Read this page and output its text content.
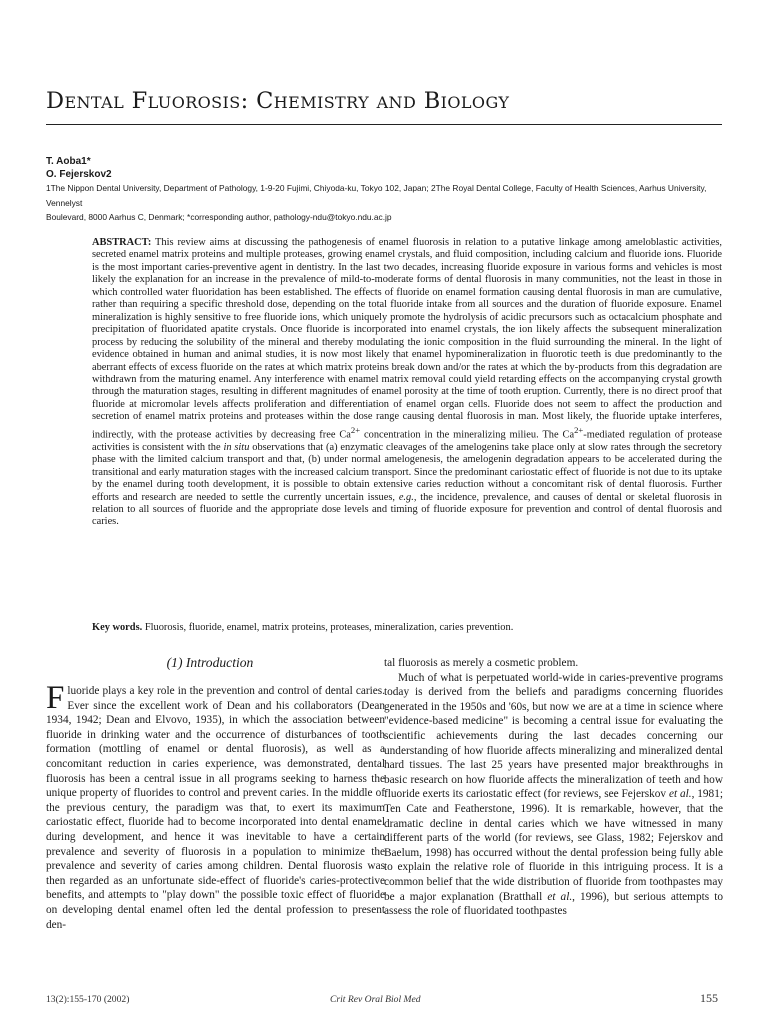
Dental Fluorosis: Chemistry and Biology
T. Aoba1*
O. Fejerskov2
1The Nippon Dental University, Department of Pathology, 1-9-20 Fujimi, Chiyoda-ku, Tokyo 102, Japan; 2The Royal Dental College, Faculty of Health Sciences, Aarhus University, Vennelyst
Boulevard, 8000 Aarhus C, Denmark; *corresponding author, pathology-ndu@tokyo.ndu.ac.jp
ABSTRACT: This review aims at discussing the pathogenesis of enamel fluorosis in relation to a putative linkage among ameloblastic activities, secreted enamel matrix proteins and multiple proteases, growing enamel crystals, and fluid composition, including calcium and fluoride ions. Fluoride is the most important caries-preventive agent in dentistry. In the last two decades, increasing fluoride exposure in various forms and vehicles is most likely the explanation for an increase in the prevalence of mild-to-moderate forms of dental fluorosis in many communities, not the least in those in which controlled water fluoridation has been established. The effects of fluoride on enamel formation causing dental fluorosis in man are cumulative, rather than requiring a specific threshold dose, depending on the total fluoride intake from all sources and the duration of fluoride exposure. Enamel mineralization is highly sensitive to free fluoride ions, which uniquely promote the hydrolysis of acidic precursors such as octacalcium phosphate and precipitation of fluoridated apatite crystals. Once fluoride is incorporated into enamel crystals, the ion likely affects the subsequent mineralization process by reducing the solubility of the mineral and thereby modulating the ionic composition in the fluid surrounding the mineral. In the light of evidence obtained in human and animal studies, it is now most likely that enamel hypomineralization in fluorotic teeth is due predominantly to the aberrant effects of excess fluoride on the rates at which matrix proteins break down and/or the rates at which the by-products from this degradation are withdrawn from the maturing enamel. Any interference with enamel matrix removal could yield retarding effects on the accompanying crystal growth through the maturation stages, resulting in different magnitudes of enamel porosity at the time of tooth eruption. Currently, there is no direct proof that fluoride at micromolar levels affects proliferation and differentiation of enamel organ cells. Fluoride does not seem to affect the production and secretion of enamel matrix proteins and proteases within the dose range causing dental fluorosis in man. Most likely, the fluoride uptake interferes, indirectly, with the protease activities by decreasing free $Ca^{2+}$ concentration in the mineralizing milieu. The $Ca^{2+}$-mediated regulation of protease activities is consistent with the in situ observations that (a) enzymatic cleavages of the amelogenins take place only at slow rates through the secretory phase with the limited calcium transport and that, (b) under normal amelogenesis, the amelogenin degradation appears to be accelerated during the transitional and early maturation stages with the increased calcium transport. Since the predominant cariostatic effect of fluoride is not due to its uptake by the enamel during tooth development, it is possible to obtain extensive caries reduction without a concomitant risk of dental fluorosis. Further efforts and research are needed to settle the currently uncertain issues, e.g., the incidence, prevalence, and causes of dental or skeletal fluorosis in relation to all sources of fluoride and the appropriate dose levels and timing of fluoride exposure for prevention and control of dental fluorosis and caries.
Key words. Fluorosis, fluoride, enamel, matrix proteins, proteases, mineralization, caries prevention.
(1) Introduction

Fluoride plays a key role in the prevention and control of dental caries. Ever since the excellent work of Dean and his collaborators (Dean 1934, 1942; Dean and Elvovo, 1935), in which the association between fluoride in drinking water and the occurrence of disturbances of tooth formation (mottling of enamel or dental fluorosis), as well as a concomitant reduction in caries experience, was demonstrated, dental fluorosis has been a central issue in all programs seeking to harness the unique property of fluorides to control and prevent caries. In the middle of the previous century, the paradigm was that, to exert its maximum cariostatic effect, fluoride had to become incorporated into dental enamel during development, and hence it was inevitable to have a certain prevalence and severity of fluorosis in a population to minimize the prevalence and severity of caries among children. Dental fluorosis was then regarded as an unfortunate side-effect of fluoride's caries-protective benefits, and attempts to "play down" the possible toxic effect of fluoride on developing dental enamel often led the dental profession to present den-

tal fluorosis as merely a cosmetic problem.

Much of what is perpetuated world-wide in caries-preventive programs today is derived from the beliefs and paradigms concerning fluorides generated in the 1950s and '60s, but now we are at a time in science where "evidence-based medicine" is becoming a central issue for evaluating the scientific achievements during the last decades concerning our understanding of how fluoride affects mineralizing and mineralized dental hard tissues. The last 25 years have presented major breakthroughs in basic research on how fluoride affects the mineralization of teeth and how fluoride exerts its cariostatic effect (for reviews, see Fejerskov et al., 1981; Ten Cate and Featherstone, 1996). It is remarkable, however, that the dramatic decline in dental caries which we have witnessed in many different parts of the world (for reviews, see Glass, 1982; Fejerskov and Baelum, 1998) has occurred without the dental profession being fully able to explain the relative role of fluoride in this intriguing process. It is a common belief that the wide distribution of fluoride from toothpastes may be a major explanation (Bratthall et al., 1996), but serious attempts to assess the role of fluoridated toothpastes

13(2):155-170 (2002)	Crit Rev Oral Biol Med	155
